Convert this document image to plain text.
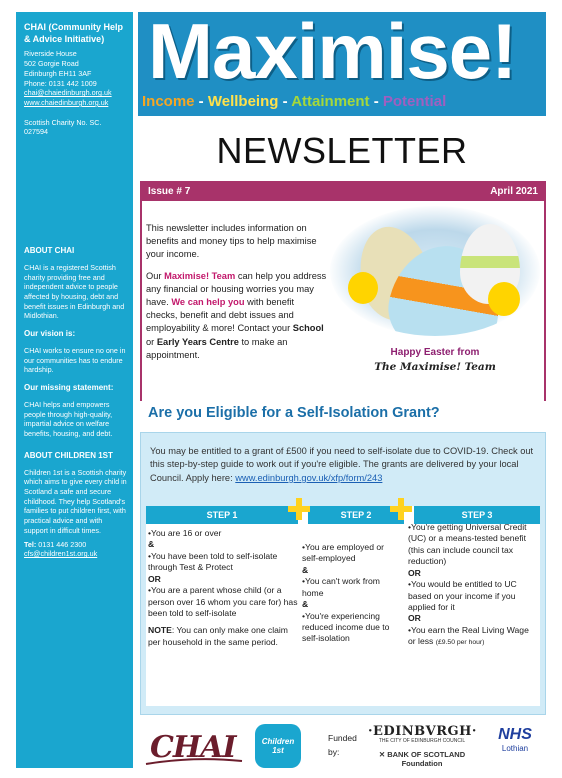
CHAI (Community Help & Advice Initiative)
Riverside House
502 Gorgie Road
Edinburgh EH11 3AF
Phone: 0131 442 1009
chai@chaiedinburgh.org.uk
www.chaiedinburgh.org.uk
Scottish Charity No. SC. 027594
ABOUT CHAI
CHAI is a registered Scottish charity providing free and independent advice to people affected by housing, debt and benefit issues in Edinburgh and Midlothian.
Our vision is:
CHAI works to ensure no one in our communities has to endure hardship.
Our missing statement:
CHAI helps and empowers people through high-quality, impartial advice on welfare benefits, housing, and debt.
ABOUT CHILDREN 1ST
Children 1st is a Scottish charity which aims to give every child in Scotland a safe and secure childhood. They help Scotland's families to put children first, with practical advice and with support in difficult times.
Tel: 0131 446 2300
cfs@children1st.org.uk
Maximise!
Income - Wellbeing - Attainment - Potential
NEWSLETTER
Issue # 7	April 2021

This newsletter includes information on benefits and money tips to help maximise your income.

Our Maximise! Team can help you address any financial or housing worries you may have. We can help you with benefit checks, benefit and debt issues and employability & more! Contact your School or Early Years Centre to make an appointment.	Happy Easter from
The Maximise! Team
Are you Eligible for a Self-Isolation Grant?
You may be entitled to a grant of £500 if you need to self-isolate due to COVID-19. Check out this step-by-step guide to work out if you're eligible. The grants are delivered by your local Council. Apply here: www.edinburgh.gov.uk/xfp/form/243
STEP 1	STEP 2	STEP 3
•You are 16 or over
&
•You have been told to self-isolate through Test & Protect
OR
•You are a parent whose child (or a person over 16 whom you care for) has been told to self-isolate
NOTE: You can only make one claim per household in the same period.
•You are employed or self-employed
&
•You can't work from home
&
•You're experiencing reduced income due to self-isolation
•You're getting Universal Credit (UC) or a means-tested benefit (this can include council tax reduction)
OR
•You would be entitled to UC based on your income if you applied for it
OR
•You earn the Real Living Wage or less (£9.50 per hour)
CHAI	Children 1st
Funded
by:
·EDINBVRGH·
THE CITY OF EDINBURGH COUNCIL
✕ BANK OF SCOTLAND
Foundation
NHS
Lothian
